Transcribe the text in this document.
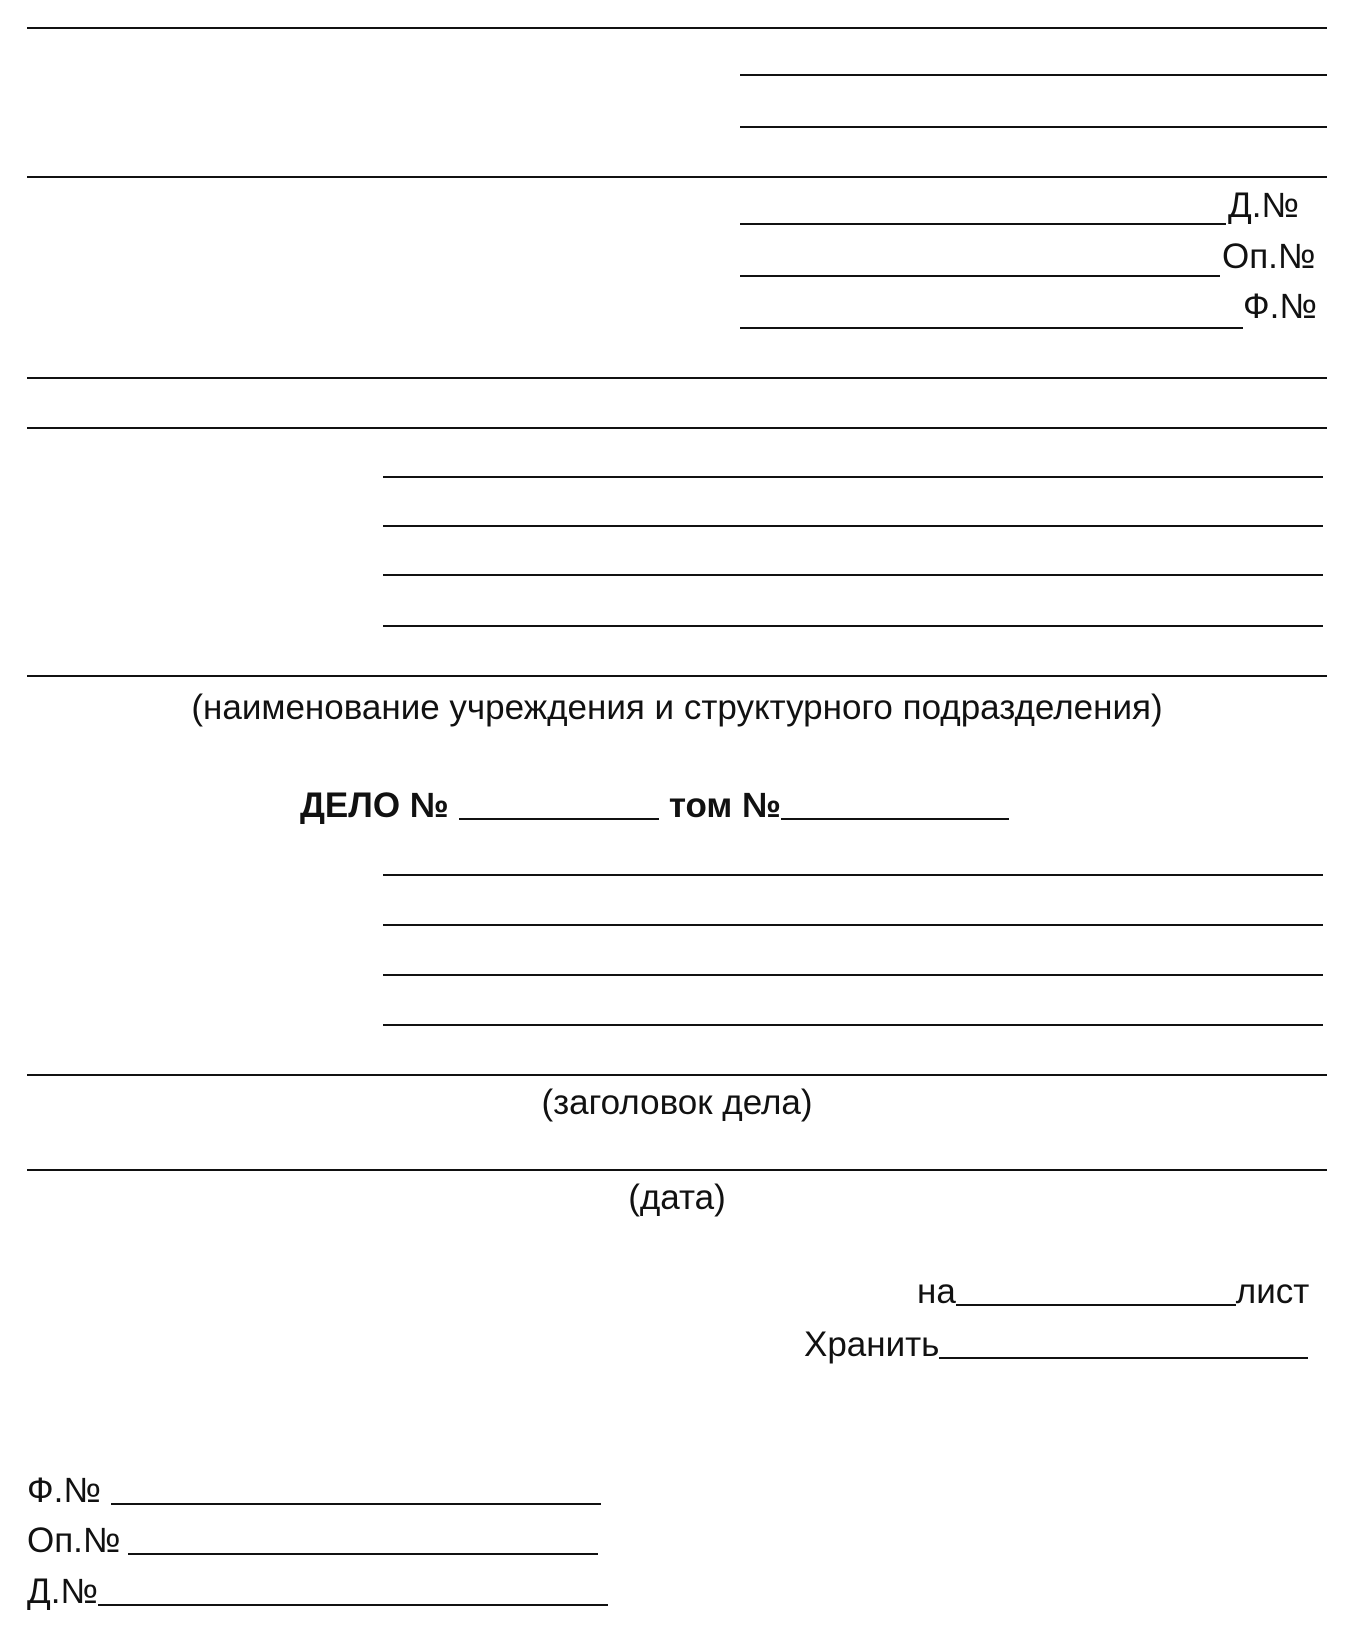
Д.№
Оп.№
Ф.№
(наименование учреждения и структурного подразделения)
ДЕЛО №	том №
(заголовок дела)
(дата)
на	лист
Хранить
Ф.№
Оп.№
Д.№
